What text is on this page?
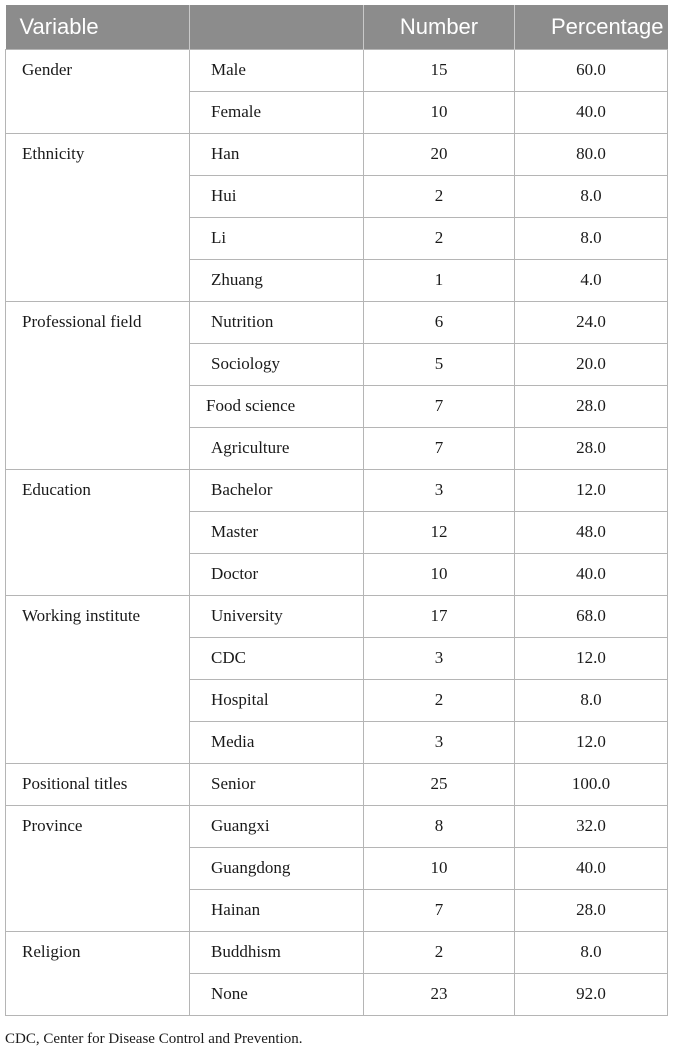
Variable		Number	Percentage
Gender	Male	15	60.0
	Female	10	40.0
Ethnicity	Han	20	80.0
	Hui	2	8.0
	Li	2	8.0
	Zhuang	1	4.0
Professional field	Nutrition	6	24.0
	Sociology	5	20.0
	Food science	7	28.0
	Agriculture	7	28.0
Education	Bachelor	3	12.0
	Master	12	48.0
	Doctor	10	40.0
Working institute	University	17	68.0
	CDC	3	12.0
	Hospital	2	8.0
	Media	3	12.0
Positional titles	Senior	25	100.0
Province	Guangxi	8	32.0
	Guangdong	10	40.0
	Hainan	7	28.0
Religion	Buddhism	2	8.0
	None	23	92.0
CDC, Center for Disease Control and Prevention.
